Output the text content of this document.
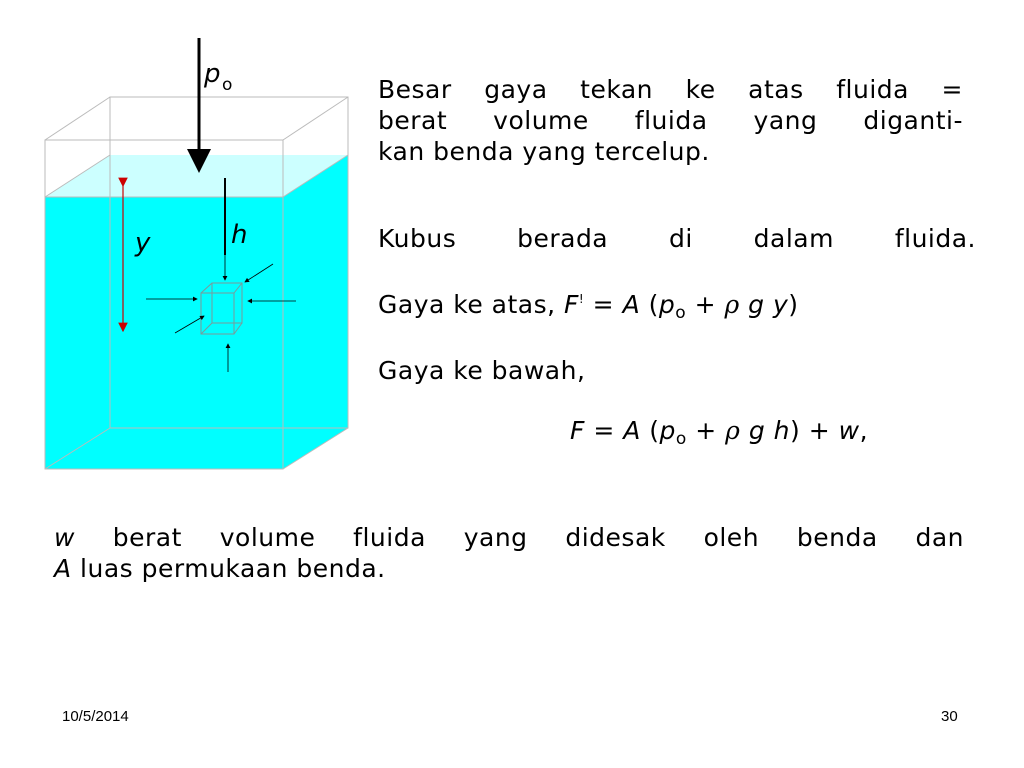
p o
h
y
Besar gaya tekan ke atas fluida =
berat volume fluida yang diganti-
kan benda yang tercelup.
Kubus berada di dalam fluida.
Gaya ke atas, F! = A ($p_o + \rho$ g y)
Gaya ke bawah,
F = A ($p_o + \rho$ g h) + w,
w berat volume fluida yang didesak oleh benda dan
A luas permukaan benda.
10/5/2014	30
